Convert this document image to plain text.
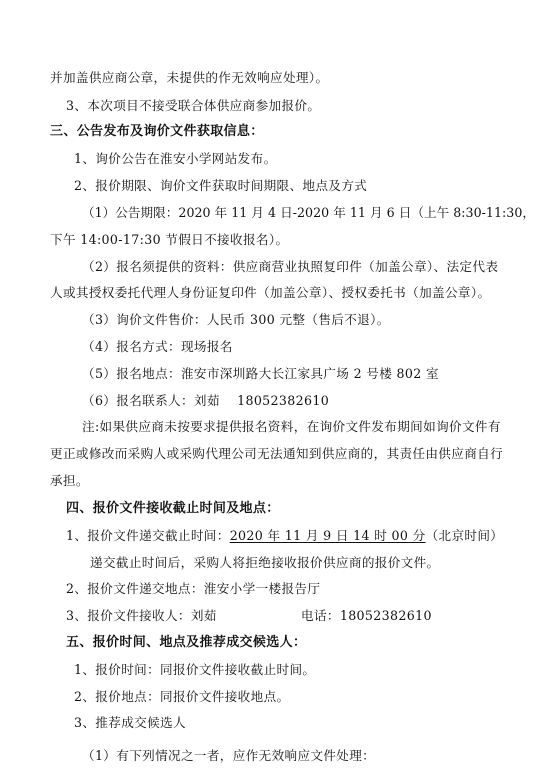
并加盖供应商公章，未提供的作无效响应处理）。
3、本次项目不接受联合体供应商参加报价。
三、公告发布及询价文件获取信息：
1、询价公告在淮安小学网站发布。
2、报价期限、询价文件获取时间期限、地点及方式
（1）公告期限：2020 年 11 月 4 日-2020 年 11 月 6 日（上午 8:30-11:30，
下午 14:00-17:30 节假日不接收报名）。
（2）报名须提供的资料：供应商营业执照复印件（加盖公章）、法定代表
人或其授权委托代理人身份证复印件（加盖公章）、授权委托书（加盖公章）。
（3）询价文件售价：人民币 300 元整（售后不退）。
（4）报名方式：现场报名
（5）报名地点：淮安市深圳路大长江家具广场 2 号楼 802 室
（6）报名联系人：刘茹　 18052382610
注:如果供应商未按要求提供报名资料，在询价文件发布期间如询价文件有
更正或修改而采购人或采购代理公司无法通知到供应商的，其责任由供应商自行
承担。
四、报价文件接收截止时间及地点：
1、报价文件递交截止时间：2020 年 11 月 9 日 14 时 00 分（北京时间）
递交截止时间后，采购人将拒绝接收报价供应商的报价文件。
2、报价文件递交地点：淮安小学一楼报告厅
3、报价文件接收人：刘茹	电话：18052382610
五、报价时间、地点及推荐成交候选人：
1、报价时间：同报价文件接收截止时间。
2、报价地点：同报价文件接收地点。
3、推荐成交候选人
（1）有下列情况之一者，应作无效响应文件处理：
